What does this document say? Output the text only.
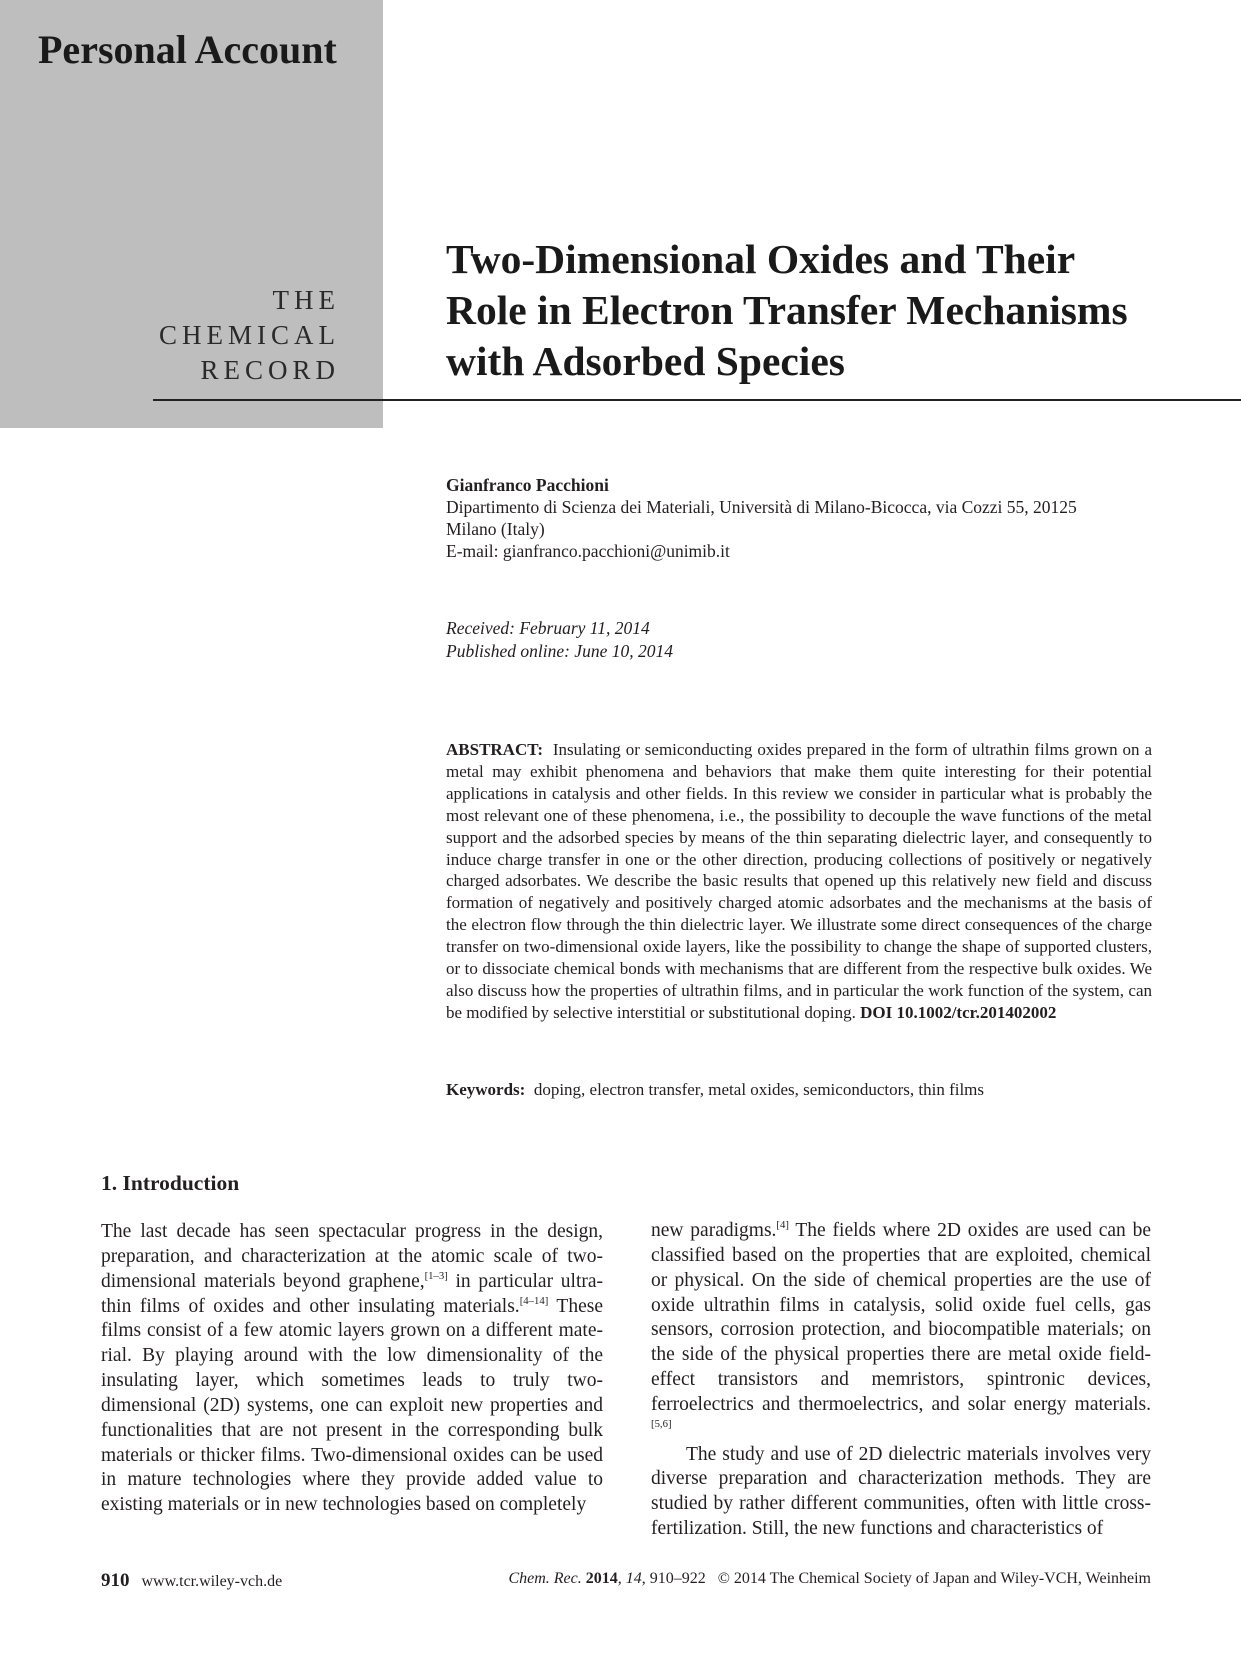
Personal Account
THE
CHEMICAL
RECORD
Two-Dimensional Oxides and Their
Role in Electron Transfer Mechanisms
with Adsorbed Species
Gianfranco Pacchioni
Dipartimento di Scienza dei Materiali, Università di Milano-Bicocca, via Cozzi 55, 20125
Milano (Italy)
E-mail: gianfranco.pacchioni@unimib.it
Received: February 11, 2014
Published online: June 10, 2014
ABSTRACT: Insulating or semiconducting oxides prepared in the form of ultrathin films grown on a metal may exhibit phenomena and behaviors that make them quite interesting for their potential applications in catalysis and other fields. In this review we consider in particular what is probably the most relevant one of these phenomena, i.e., the possibility to decouple the wave functions of the metal support and the adsorbed species by means of the thin separating dielectric layer, and consequently to induce charge transfer in one or the other direction, producing collections of positively or negatively charged adsorbates. We describe the basic results that opened up this relatively new field and discuss formation of negatively and positively charged atomic adsorbates and the mechanisms at the basis of the electron flow through the thin dielectric layer. We illustrate some direct consequences of the charge transfer on two-dimensional oxide layers, like the possibility to change the shape of supported clusters, or to dissociate chemical bonds with mechanisms that are different from the respective bulk oxides. We also discuss how the properties of ultrathin films, and in particular the work function of the system, can be modified by selective interstitial or substitutional doping. DOI 10.1002/tcr.201402002
Keywords: doping, electron transfer, metal oxides, semiconductors, thin films
1. Introduction

The last decade has seen spectacular progress in the design, preparation, and characterization at the atomic scale of two-dimensional materials beyond graphene,[1–3] in particular ultrathin films of oxides and other insulating materials.[4–14] These films consist of a few atomic layers grown on a different material. By playing around with the low dimensionality of the insulating layer, which sometimes leads to truly two-dimensional (2D) systems, one can exploit new properties and functionalities that are not present in the corresponding bulk materials or thicker films. Two-dimensional oxides can be used in mature technologies where they provide added value to existing materials or in new technologies based on completely

new paradigms.[4] The fields where 2D oxides are used can be classified based on the properties that are exploited, chemical or physical. On the side of chemical properties are the use of oxide ultrathin films in catalysis, solid oxide fuel cells, gas sensors, corrosion protection, and biocompatible materials; on the side of the physical properties there are metal oxide field-effect transistors and memristors, spintronic devices, ferroelectrics and thermoelectrics, and solar energy materials.[5,6]

The study and use of 2D dielectric materials involves very diverse preparation and characterization methods. They are studied by rather different communities, often with little cross-fertilization. Still, the new functions and characteristics of

910 www.tcr.wiley-vch.de	Chem. Rec. 2014, 14, 910–922 © 2014 The Chemical Society of Japan and Wiley-VCH, Weinheim
